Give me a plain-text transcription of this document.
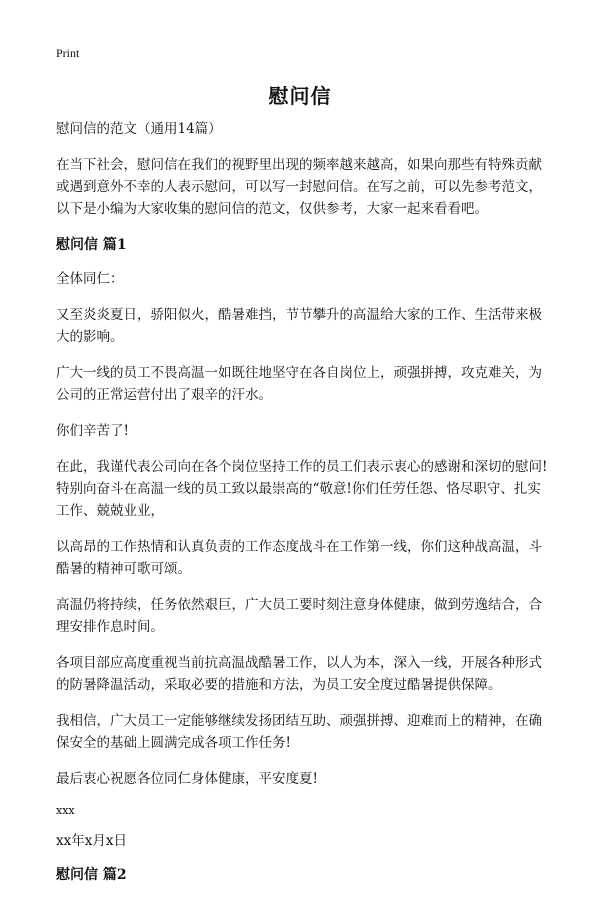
Print
慰问信

慰问信的范文（通用14篇）

在当下社会，慰问信在我们的视野里出现的频率越来越高，如果向那些有特殊贡献或遇到意外不幸的人表示慰问，可以写一封慰问信。在写之前，可以先参考范文，以下是小编为大家收集的慰问信的范文，仅供参考，大家一起来看看吧。

慰问信 篇1

全体同仁：

又至炎炎夏日，骄阳似火，酷暑难挡，节节攀升的高温给大家的工作、生活带来极大的影响。

广大一线的员工不畏高温一如既往地坚守在各自岗位上，顽强拼搏，攻克难关，为公司的正常运营付出了艰辛的汗水。

你们辛苦了!

在此，我谨代表公司向在各个岗位坚持工作的员工们表示衷心的感谢和深切的慰问!特别向奋斗在高温一线的员工致以最崇高的“敬意!你们任劳任怨、恪尽职守、扎实工作、兢兢业业，

以高昂的工作热情和认真负责的工作态度战斗在工作第一线，你们这种战高温，斗酷暑的精神可歌可颂。

高温仍将持续，任务依然艰巨，广大员工要时刻注意身体健康，做到劳逸结合，合理安排作息时间。

各项目部应高度重视当前抗高温战酷暑工作，以人为本，深入一线，开展各种形式的防暑降温活动，采取必要的措施和方法，为员工安全度过酷暑提供保障。

我相信，广大员工一定能够继续发扬团结互助、顽强拼搏、迎难而上的精神，在确保安全的基础上圆满完成各项工作任务!

最后衷心祝愿各位同仁身体健康，平安度夏!

xxx

xx年x月x日

慰问信 篇2
